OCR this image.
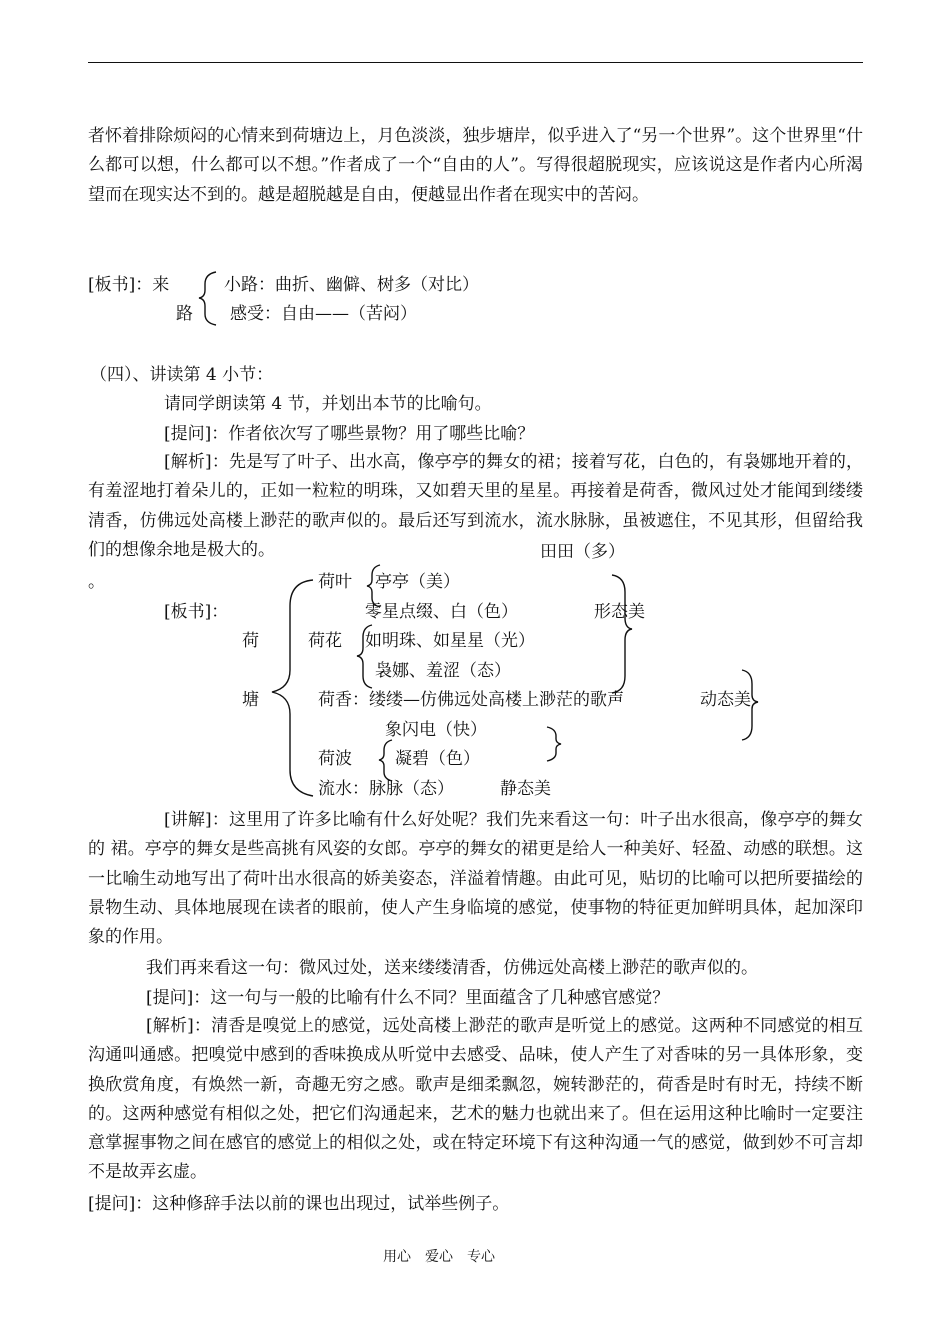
者怀着排除烦闷的心情来到荷塘边上，月色淡淡，独步塘岸，似乎进入了“另一个世界”。这个世界里“什么都可以想，什么都可以不想。”作者成了一个“自由的人”。写得很超脱现实，应该说这是作者内心所渴望而在现实达不到的。越是超脱越是自由，便越显出作者在现实中的苦闷。
[板书]：来
路
小路：曲折、幽僻、树多（对比）
感受：自由——（苦闷）
（四）、讲读第 4 小节：
请同学朗读第 4 节，并划出本节的比喻句。
[提问]：作者依次写了哪些景物？用了哪些比喻？
[解析]：先是写了叶子、出水高，像亭亭的舞女的裙；接着写花，白色的，有袅娜地开着的，有羞涩地打着朵儿的，正如一粒粒的明珠，又如碧天里的星星。再接着是荷香，微风过处才能闻到缕缕清香，仿佛远处高楼上渺茫的歌声似的。最后还写到流水，流水脉脉，虽被遮住，不见其形，但留给我们的想像余地是极大的。	田田（多）
。
[板书]：
荷
塘
荷叶 亭亭（美）
零星点缀、白（色）	形态美
荷花 如明珠、如星星（光）
袅娜、羞涩（态）
荷香：缕缕—仿佛远处高楼上渺茫的歌声	动态美
象闪电（快）
荷波	凝碧（色）
流水：脉脉（态）	静态美
[讲解]：这里用了许多比喻有什么好处呢？我们先来看这一句：叶子出水很高，像亭亭的舞女的 裙。亭亭的舞女是些高挑有风姿的女郎。亭亭的舞女的裙更是给人一种美好、轻盈、动感的联想。这一比喻生动地写出了荷叶出水很高的娇美姿态，洋溢着情趣。由此可见，贴切的比喻可以把所要描绘的景物生动、具体地展现在读者的眼前，使人产生身临境的感觉，使事物的特征更加鲜明具体，起加深印象的作用。
我们再来看这一句：微风过处，送来缕缕清香，仿佛远处高楼上渺茫的歌声似的。
[提问]：这一句与一般的比喻有什么不同？里面蕴含了几种感官感觉？
[解析]：清香是嗅觉上的感觉，远处高楼上渺茫的歌声是听觉上的感觉。这两种不同感觉的相互沟通叫通感。把嗅觉中感到的香味换成从听觉中去感受、品味，使人产生了对香味的另一具体形象，变换欣赏角度，有焕然一新，奇趣无穷之感。歌声是细柔飘忽，婉转渺茫的，荷香是时有时无，持续不断的。这两种感觉有相似之处，把它们沟通起来，艺术的魅力也就出来了。但在运用这种比喻时一定要注意掌握事物之间在感官的感觉上的相似之处，或在特定环境下有这种沟通一气的感觉，做到妙不可言却不是故弄玄虚。
[提问]：这种修辞手法以前的课也出现过，试举些例子。
用心　爱心　专心
